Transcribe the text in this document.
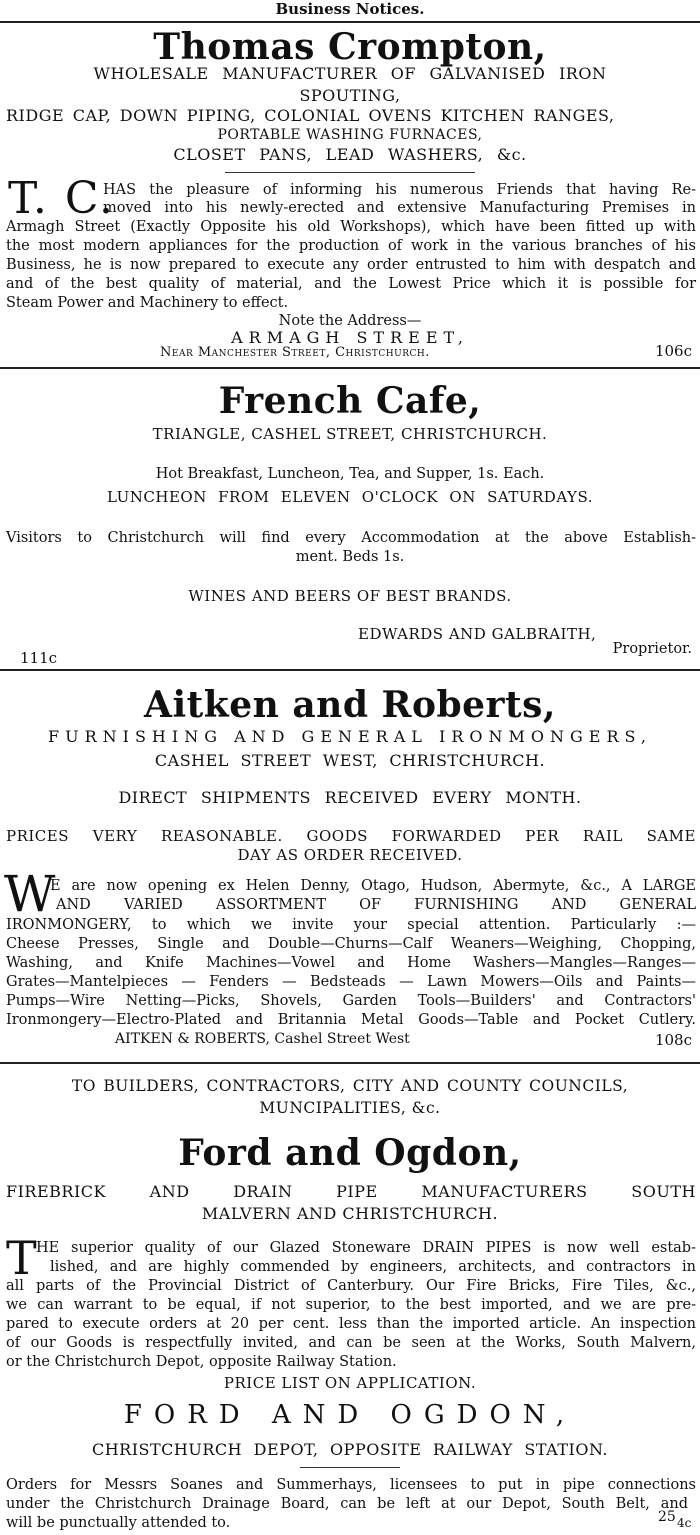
Business Notices.
Thomas Crompton,
WHOLESALE MANUFACTURER OF GALVANISED IRON
SPOUTING,
RIDGE CAP, DOWN PIPING, COLONIAL OVENS KITCHEN RANGES,
PORTABLE WASHING FURNACES,
CLOSET PANS, LEAD WASHERS, &c.
T. C.
HAS the pleasure of informing his numerous Friends that having Re-
moved into his newly-erected and extensive Manufacturing Premises in
Armagh Street (Exactly Opposite his old Workshops), which have been fitted up with
the most modern appliances for the production of work in the various branches of his
Business, he is now prepared to execute any order entrusted to him with despatch and
and of the best quality of material, and the Lowest Price which it is possible for
Steam Power and Machinery to effect.
Note the Address—
ARMAGH STREET,
Near Manchester Street, Christchurch.	106c
French Cafe,
TRIANGLE, CASHEL STREET, CHRISTCHURCH.
Hot Breakfast, Luncheon, Tea, and Supper, 1s. Each.
LUNCHEON FROM ELEVEN O'CLOCK ON SATURDAYS.
Visitors to Christchurch will find every Accommodation at the above Establish-
ment. Beds 1s.
WINES AND BEERS OF BEST BRANDS.
EDWARDS AND GALBRAITH,
111c	Proprietor.
Aitken and Roberts,
FURNISHING AND GENERAL IRONMONGERS,
CASHEL STREET WEST, CHRISTCHURCH.
DIRECT SHIPMENTS RECEIVED EVERY MONTH.
PRICES VERY REASONABLE. GOODS FORWARDED PER RAIL SAME
DAY AS ORDER RECEIVED.
W
E are now opening ex Helen Denny, Otago, Hudson, Abermyte, &c., A LARGE
AND VARIED ASSORTMENT OF FURNISHING AND GENERAL
IRONMONGERY, to which we invite your special attention. Particularly :—
Cheese Presses, Single and Double—Churns—Calf Weaners—Weighing, Chopping,
Washing, and Knife Machines—Vowel and Home Washers—Mangles—Ranges—
Grates—Mantelpieces — Fenders — Bedsteads — Lawn Mowers—Oils and Paints—
Pumps—Wire Netting—Picks, Shovels, Garden Tools—Builders' and Contractors'
Ironmongery—Electro-Plated and Britannia Metal Goods—Table and Pocket Cutlery.
AITKEN & ROBERTS, Cashel Street West	108c
TO BUILDERS, CONTRACTORS, CITY AND COUNTY COUNCILS,
MUNCIPALITIES, &c.
Ford and Ogdon,
FIREBRICK AND DRAIN PIPE MANUFACTURERS SOUTH
MALVERN AND CHRISTCHURCH.
T HE superior quality of our Glazed Stoneware DRAIN PIPES is now well estab-
lished, and are highly commended by engineers, architects, and contractors in
all parts of the Provincial District of Canterbury. Our Fire Bricks, Fire Tiles, &c.,
we can warrant to be equal, if not superior, to the best imported, and we are pre-
pared to execute orders at 20 per cent. less than the imported article. An inspection
of our Goods is respectfully invited, and can be seen at the Works, South Malvern,
or the Christchurch Depot, opposite Railway Station.
PRICE LIST ON APPLICATION.
FORD AND OGDON,
CHRISTCHURCH DEPOT, OPPOSITE RAILWAY STATION.
Orders for Messrs Soanes and Summerhays, licensees to put in pipe connections
under the Christchurch Drainage Board, can be left at our Depot, South Belt, and
will be punctually attended to.	25 4c
